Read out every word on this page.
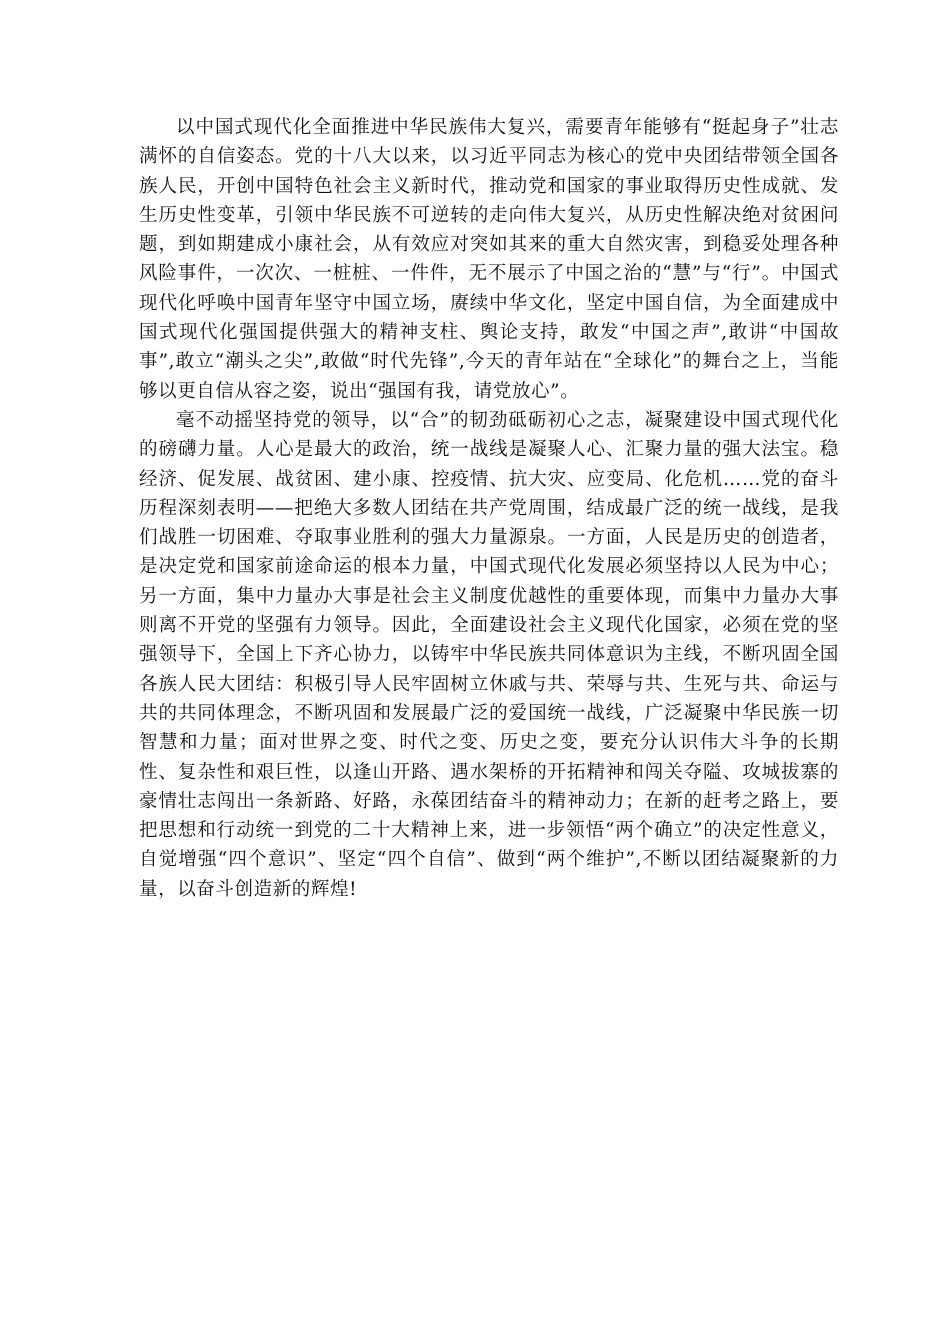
以中国式现代化全面推进中华民族伟大复兴，需要青年能够有“挺起身子”壮志满怀的自信姿态。党的十八大以来，以习近平同志为核心的党中央团结带领全国各族人民，开创中国特色社会主义新时代，推动党和国家的事业取得历史性成就、发生历史性变革，引领中华民族不可逆转的走向伟大复兴，从历史性解决绝对贫困问题，到如期建成小康社会，从有效应对突如其来的重大自然灾害，到稳妥处理各种风险事件，一次次、一桩桩、一件件，无不展示了中国之治的“慧”与“行”。中国式现代化呼唤中国青年坚守中国立场，赓续中华文化，坚定中国自信，为全面建成中国式现代化强国提供强大的精神支柱、舆论支持，敢发“中国之声”,敢讲“中国故事”,敢立“潮头之尖”,敢做“时代先锋”,今天的青年站在“全球化”的舞台之上，当能够以更自信从容之姿，说出“强国有我，请党放心”。

毫不动摇坚持党的领导，以“合”的韧劲砥砺初心之志，凝聚建设中国式现代化的磅礴力量。人心是最大的政治，统一战线是凝聚人心、汇聚力量的强大法宝。稳经济、促发展、战贫困、建小康、控疫情、抗大灾、应变局、化危机……党的奋斗历程深刻表明——把绝大多数人团结在共产党周围，结成最广泛的统一战线，是我们战胜一切困难、夺取事业胜利的强大力量源泉。一方面，人民是历史的创造者，是决定党和国家前途命运的根本力量，中国式现代化发展必须坚持以人民为中心；另一方面，集中力量办大事是社会主义制度优越性的重要体现，而集中力量办大事则离不开党的坚强有力领导。因此，全面建设社会主义现代化国家，必须在党的坚强领导下，全国上下齐心协力，以铸牢中华民族共同体意识为主线，不断巩固全国各族人民大团结：积极引导人民牢固树立休戚与共、荣辱与共、生死与共、命运与共的共同体理念，不断巩固和发展最广泛的爱国统一战线，广泛凝聚中华民族一切智慧和力量；面对世界之变、时代之变、历史之变，要充分认识伟大斗争的长期性、复杂性和艰巨性，以逢山开路、遇水架桥的开拓精神和闯关夺隘、攻城拔寨的豪情壮志闯出一条新路、好路，永葆团结奋斗的精神动力；在新的赶考之路上，要把思想和行动统一到党的二十大精神上来，进一步领悟“两个确立”的决定性意义，自觉增强“四个意识”、坚定“四个自信”、做到“两个维护”,不断以团结凝聚新的力量，以奋斗创造新的辉煌!
